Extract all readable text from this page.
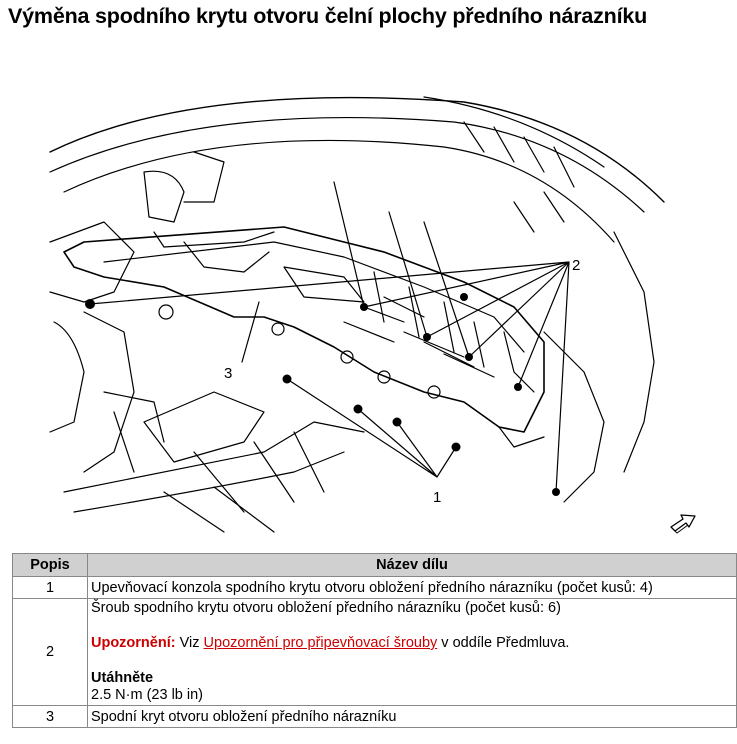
Výměna spodního krytu otvoru čelní plochy předního nárazníku
2
1
3
Popis	Název dílu
1	Upevňovací konzola spodního krytu otvoru obložení předního nárazníku (počet kusů: 4)
2	Šroub spodního krytu otvoru obložení předního nárazníku (počet kusů: 6)

Upozornění: Viz Upozornění pro připevňovací šrouby v oddíle Předmluva.

Utáhněte

2.5 N·m (23 lb in)

3	Spodní kryt otvoru obložení předního nárazníku
